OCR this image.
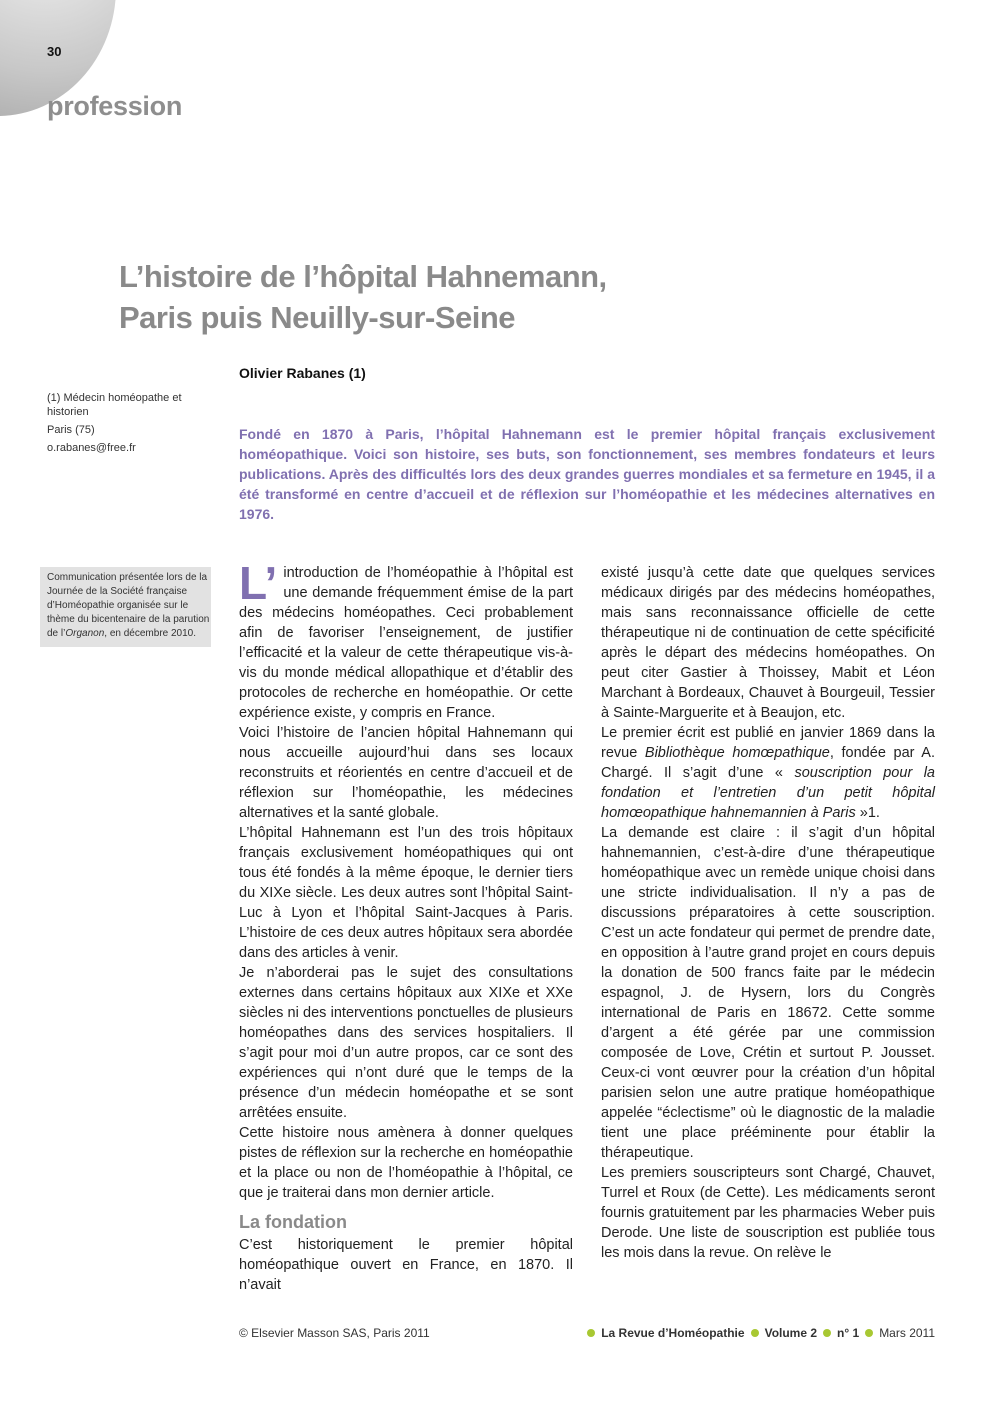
30
profession
L’histoire de l’hôpital Hahnemann,
Paris puis Neuilly-sur-Seine
Olivier Rabanes (1)
(1) Médecin homéopathe et historien
Paris (75)
o.rabanes@free.fr
Communication présentée lors de la Journée de la Société française d’Homéopathie organisée sur le thème du bicentenaire de la parution de l’Organon, en décembre 2010.

Fondé en 1870 à Paris, l’hôpital Hahnemann est le premier hôpital français exclusivement homéopathique. Voici son histoire, ses buts, son fonctionnement, ses membres fondateurs et leurs publications. Après des difficultés lors des deux grandes guerres mondiales et sa fermeture en 1945, il a été transformé en centre d’accueil et de réflexion sur l’homéopathie et les médecines alternatives en 1976.

L’ introduction de l’homéopathie à l’hôpital est une demande fréquemment émise de la part des médecins homéopathes. Ceci probablement afin de favoriser l’enseignement, de justifier l’efficacité et la valeur de cette thérapeutique vis-à-vis du monde médical allopathique et d’établir des protocoles de recherche en homéopathie. Or cette expérience existe, y compris en France.

Voici l’histoire de l’ancien hôpital Hahnemann qui nous accueille aujourd’hui dans ses locaux reconstruits et réorientés en centre d’accueil et de réflexion sur l’homéopathie, les médecines alternatives et la santé globale.

L’hôpital Hahnemann est l’un des trois hôpitaux français exclusivement homéopathiques qui ont tous été fondés à la même époque, le dernier tiers du XIXe siècle. Les deux autres sont l’hôpital Saint-Luc à Lyon et l’hôpital Saint-Jacques à Paris. L’histoire de ces deux autres hôpitaux sera abordée dans des articles à venir.

Je n’aborderai pas le sujet des consultations externes dans certains hôpitaux aux XIXe et XXe siècles ni des interventions ponctuelles de plusieurs homéopathes dans des services hospitaliers. Il s’agit pour moi d’un autre propos, car ce sont des expériences qui n’ont duré que le temps de la présence d’un médecin homéopathe et se sont arrêtées ensuite.

Cette histoire nous amènera à donner quelques pistes de réflexion sur la recherche en homéopathie et la place ou non de l’homéopathie à l’hôpital, ce que je traiterai dans mon dernier article.

La fondation

C’est historiquement le premier hôpital homéopathique ouvert en France, en 1870. Il n’avait

existé jusqu’à cette date que quelques services médicaux dirigés par des médecins homéopathes, mais sans reconnaissance officielle de cette thérapeutique ni de continuation de cette spécificité après le départ des médecins homéopathes. On peut citer Gastier à Thoissey, Mabit et Léon Marchant à Bordeaux, Chauvet à Bourgeuil, Tessier à Sainte-Marguerite et à Beaujon, etc.

Le premier écrit est publié en janvier 1869 dans la revue Bibliothèque homœpathique, fondée par A. Chargé. Il s’agit d’une « souscription pour la fondation et l’entretien d’un petit hôpital homœopathique hahnemannien à Paris »1.

La demande est claire : il s’agit d’un hôpital hahnemannien, c’est-à-dire d’une thérapeutique homéopathique avec un remède unique choisi dans une stricte individualisation. Il n’y a pas de discussions préparatoires à cette souscription. C’est un acte fondateur qui permet de prendre date, en opposition à l’autre grand projet en cours depuis la donation de 500 francs faite par le médecin espagnol, J. de Hysern, lors du Congrès international de Paris en 18672. Cette somme d’argent a été gérée par une commission composée de Love, Crétin et surtout P. Jousset. Ceux-ci vont œuvrer pour la création d’un hôpital parisien selon une autre pratique homéopathique appelée “éclectisme” où le diagnostic de la maladie tient une place prééminente pour établir la thérapeutique.

Les premiers souscripteurs sont Chargé, Chauvet, Turrel et Roux (de Cette). Les médicaments seront fournis gratuitement par les pharmacies Weber puis Derode. Une liste de souscription est publiée tous les mois dans la revue. On relève le

© Elsevier Masson SAS, Paris 2011	La Revue d’Homéopathie Volume 2 n° 1 Mars 2011
